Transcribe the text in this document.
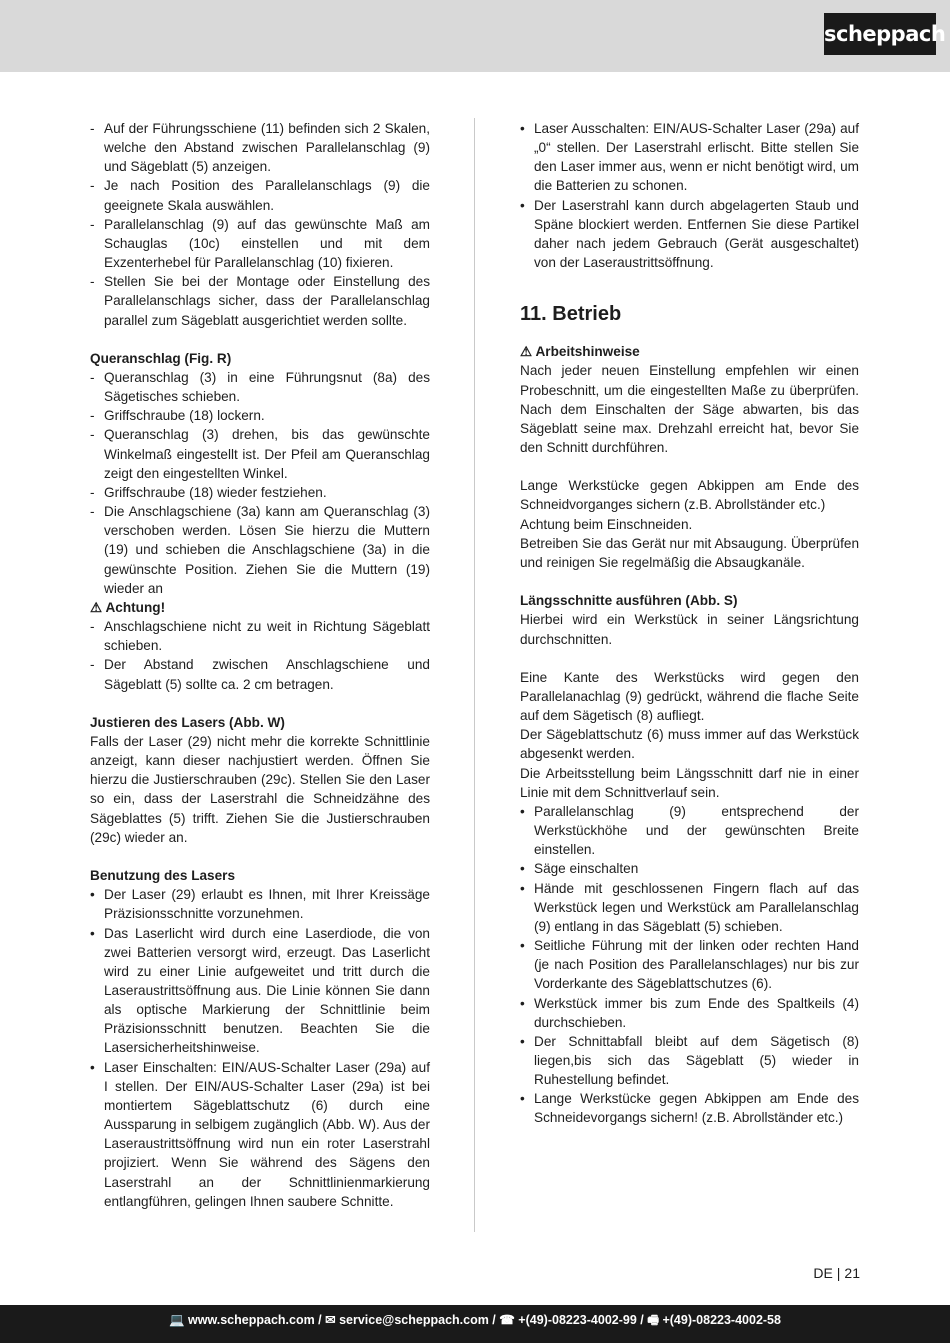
scheppach
- Auf der Führungsschiene (11) befinden sich 2 Skalen, welche den Abstand zwischen Parallelanschlag (9) und Sägeblatt (5) anzeigen.
- Je nach Position des Parallelanschlags (9) die geeignete Skala auswählen.
- Parallelanschlag (9) auf das gewünschte Maß am Schauglas (10c) einstellen und mit dem Exzenterhebel für Parallelanschlag (10) fixieren.
- Stellen Sie bei der Montage oder Einstellung des Parallelanschlags sicher, dass der Parallelanschlag parallel zum Sägeblatt ausgerichtiet werden sollte.
Queranschlag (Fig. R)
- Queranschlag (3) in eine Führungsnut (8a) des Sägetisches schieben.
- Griffschraube (18) lockern.
- Queranschlag (3) drehen, bis das gewünschte Winkelmaß eingestellt ist. Der Pfeil am Queranschlag zeigt den eingestellten Winkel.
- Griffschraube (18) wieder festziehen.
- Die Anschlagschiene (3a) kann am Queranschlag (3) verschoben werden. Lösen Sie hierzu die Muttern (19) und schieben die Anschlagschiene (3a) in die gewünschte Position. Ziehen Sie die Muttern (19) wieder an
⚠ Achtung!
- Anschlagschiene nicht zu weit in Richtung Sägeblatt schieben.
- Der Abstand zwischen Anschlagschiene und Sägeblatt (5) sollte ca. 2 cm betragen.
Justieren des Lasers (Abb. W)
Falls der Laser (29) nicht mehr die korrekte Schnittlinie anzeigt, kann dieser nachjustiert werden. Öffnen Sie hierzu die Justierschrauben (29c). Stellen Sie den Laser so ein, dass der Laserstrahl die Schneidzähne des Sägeblattes (5) trifft. Ziehen Sie die Justierschrauben (29c) wieder an.
Benutzung des Lasers
• Der Laser (29) erlaubt es Ihnen, mit Ihrer Kreissäge Präzisionsschnitte vorzunehmen.
• Das Laserlicht wird durch eine Laserdiode, die von zwei Batterien versorgt wird, erzeugt. Das Laserlicht wird zu einer Linie aufgeweitet und tritt durch die Laseraustrittsöffnung aus. Die Linie können Sie dann als optische Markierung der Schnittlinie beim Präzisionsschnitt benutzen. Beachten Sie die Lasersicherheitshinweise.
• Laser Einschalten: EIN/AUS-Schalter Laser (29a) auf I stellen. Der EIN/AUS-Schalter Laser (29a) ist bei montiertem Sägeblattschutz (6) durch eine Aussparung in selbigem zugänglich (Abb. W). Aus der Laseraustrittsöffnung wird nun ein roter Laserstrahl projiziert. Wenn Sie während des Sägens den Laserstrahl an der Schnittlinienmarkierung entlangführen, gelingen Ihnen saubere Schnitte.
• Laser Ausschalten: EIN/AUS-Schalter Laser (29a) auf „0“ stellen. Der Laserstrahl erlischt. Bitte stellen Sie den Laser immer aus, wenn er nicht benötigt wird, um die Batterien zu schonen.
• Der Laserstrahl kann durch abgelagerten Staub und Späne blockiert werden. Entfernen Sie diese Partikel daher nach jedem Gebrauch (Gerät ausgeschaltet) von der Laseraustrittsöffnung.
11. Betrieb
⚠ Arbeitshinweise
Nach jeder neuen Einstellung empfehlen wir einen Probeschnitt, um die eingestellten Maße zu überprüfen. Nach dem Einschalten der Säge abwarten, bis das Sägeblatt seine max. Drehzahl erreicht hat, bevor Sie den Schnitt durchführen.
Lange Werkstücke gegen Abkippen am Ende des Schneidvorganges sichern (z.B. Abrollständer etc.)
Achtung beim Einschneiden.
Betreiben Sie das Gerät nur mit Absaugung. Überprüfen und reinigen Sie regelmäßig die Absaugkanäle.
Längsschnitte ausführen (Abb. S)
Hierbei wird ein Werkstück in seiner Längsrichtung durchschnitten.
Eine Kante des Werkstücks wird gegen den Parallelanachlag (9) gedrückt, während die flache Seite auf dem Sägetisch (8) aufliegt.
Der Sägeblattschutz (6) muss immer auf das Werkstück abgesenkt werden.
Die Arbeitsstellung beim Längsschnitt darf nie in einer Linie mit dem Schnittverlauf sein.
• Parallelanschlag (9) entsprechend der Werkstückhöhe und der gewünschten Breite einstellen.
• Säge einschalten
• Hände mit geschlossenen Fingern flach auf das Werkstück legen und Werkstück am Parallelanschlag (9) entlang in das Sägeblatt (5) schieben.
• Seitliche Führung mit der linken oder rechten Hand (je nach Position des Parallelanschlages) nur bis zur Vorderkante des Sägeblattschutzes (6).
• Werkstück immer bis zum Ende des Spaltkeils (4) durchschieben.
• Der Schnittabfall bleibt auf dem Sägetisch (8) liegen,bis sich das Sägeblatt (5) wieder in Ruhestellung befindet.
• Lange Werkstücke gegen Abkippen am Ende des Schneidevorgangs sichern! (z.B. Abrollständer etc.)
DE | 21
💻 www.scheppach.com / ✉ service@scheppach.com / ☎ +(49)-08223-4002-99 / 🖷 +(49)-08223-4002-58
